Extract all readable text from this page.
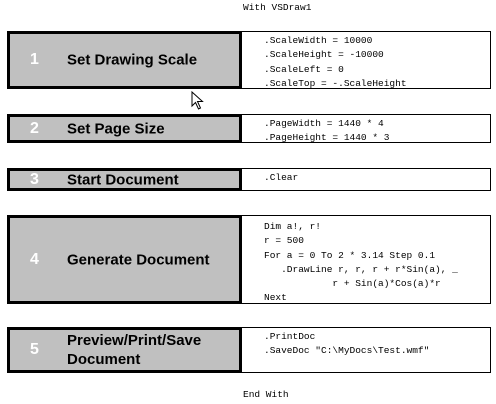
With VSDraw1
1 Set Drawing Scale
.ScaleWidth = 10000
.ScaleHeight = -10000
.ScaleLeft = 0
.ScaleTop = -.ScaleHeight
2 Set Page Size	.PageWidth = 1440 * 4
.PageHeight = 1440 * 3
3 Start Document	.Clear
4 Generate Document
Dim a!, r!
r = 500
For a = 0 To 2 * 3.14 Step 0.1
.DrawLine r, r, r + r*Sin(a), _
r + Sin(a)*Cos(a)*r
Next
5
Preview/Print/Save Document
.PrintDoc
.SaveDoc "C:\MyDocs\Test.wmf"
End With
